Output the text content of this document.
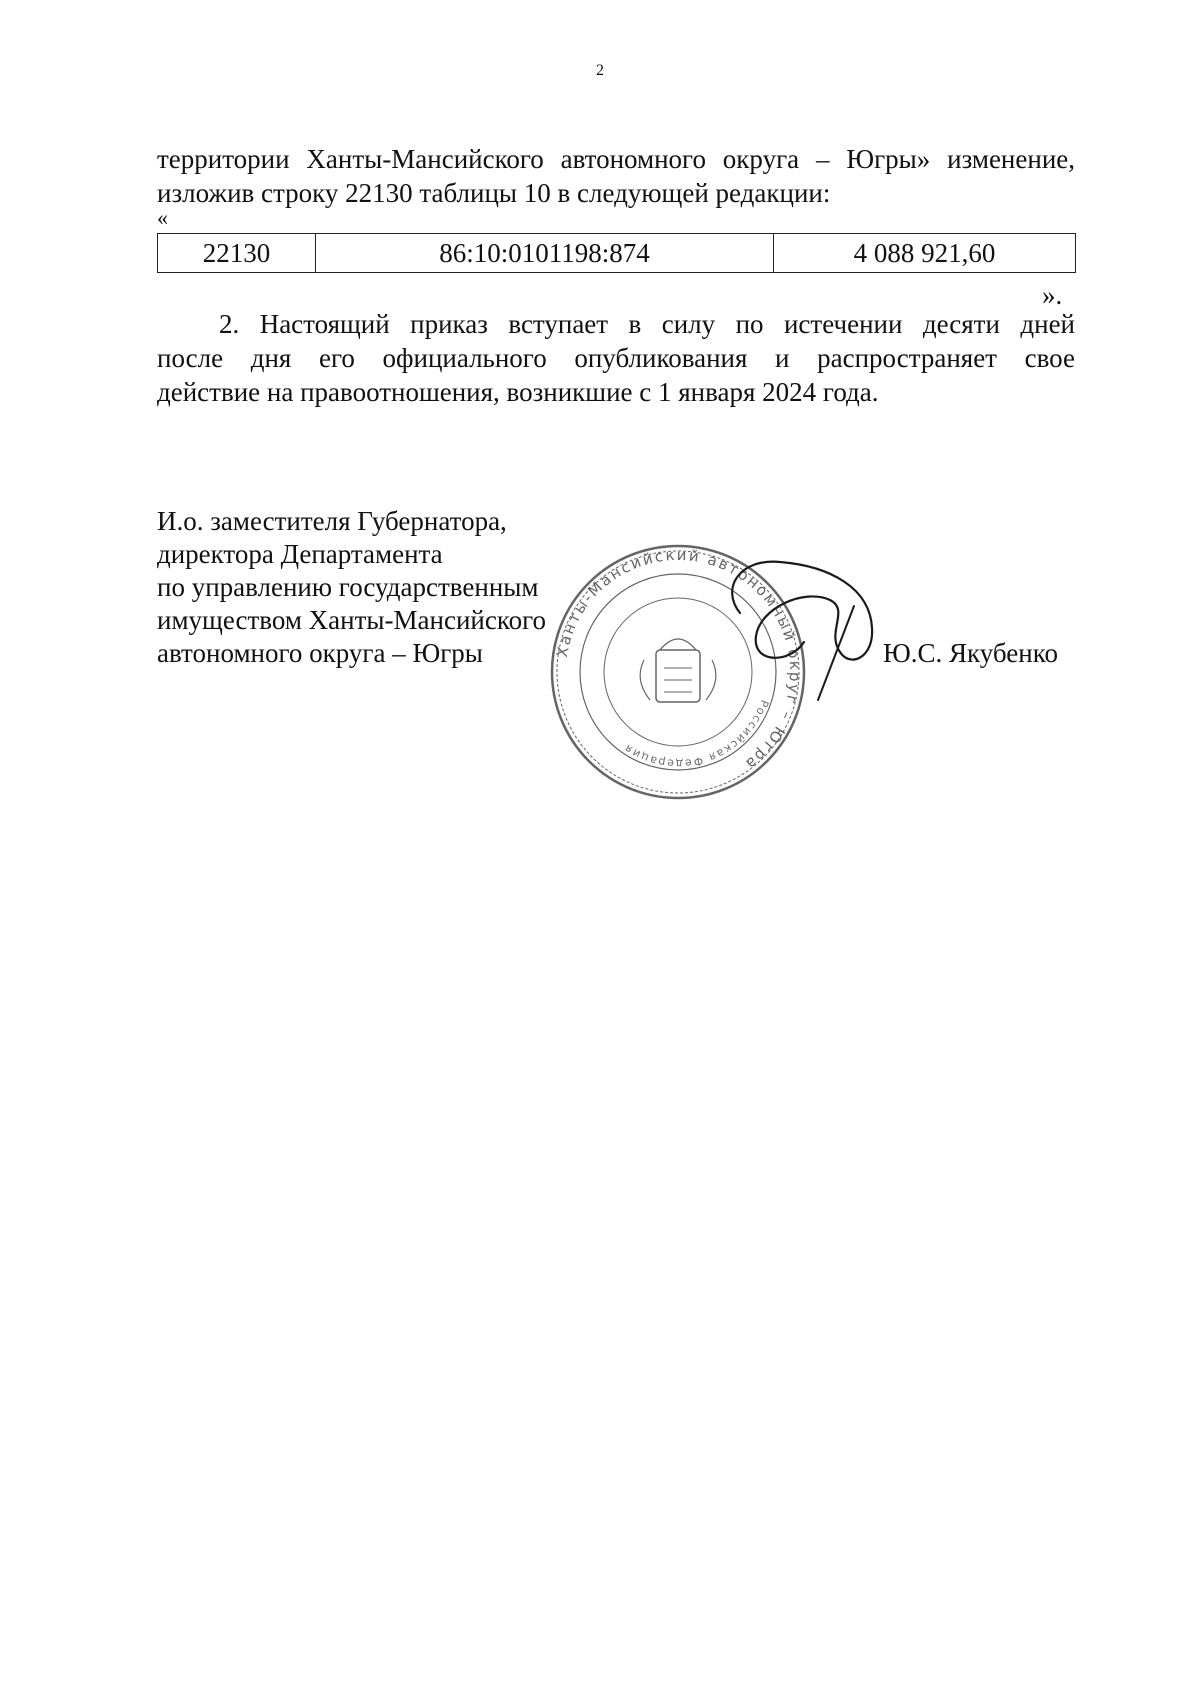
2
территории Ханты-Мансийского автономного округа – Югры» изменение,
изложив строку 22130 таблицы 10 в следующей редакции:
«
22130	86:10:0101198:874	4 088 921,60
».
2. Настоящий приказ вступает в силу по истечении десяти дней
после дня его официального опубликования и распространяет свое
действие на правоотношения, возникшие с 1 января 2024 года.
И.о. заместителя Губернатора,
директора Департамента
по управлению государственным
имуществом Ханты-Мансийского
автономного округа – Югры	Ханты-Мансийский автономный округ – Югра
Российская Федерация
Ю.С. Якубенко
